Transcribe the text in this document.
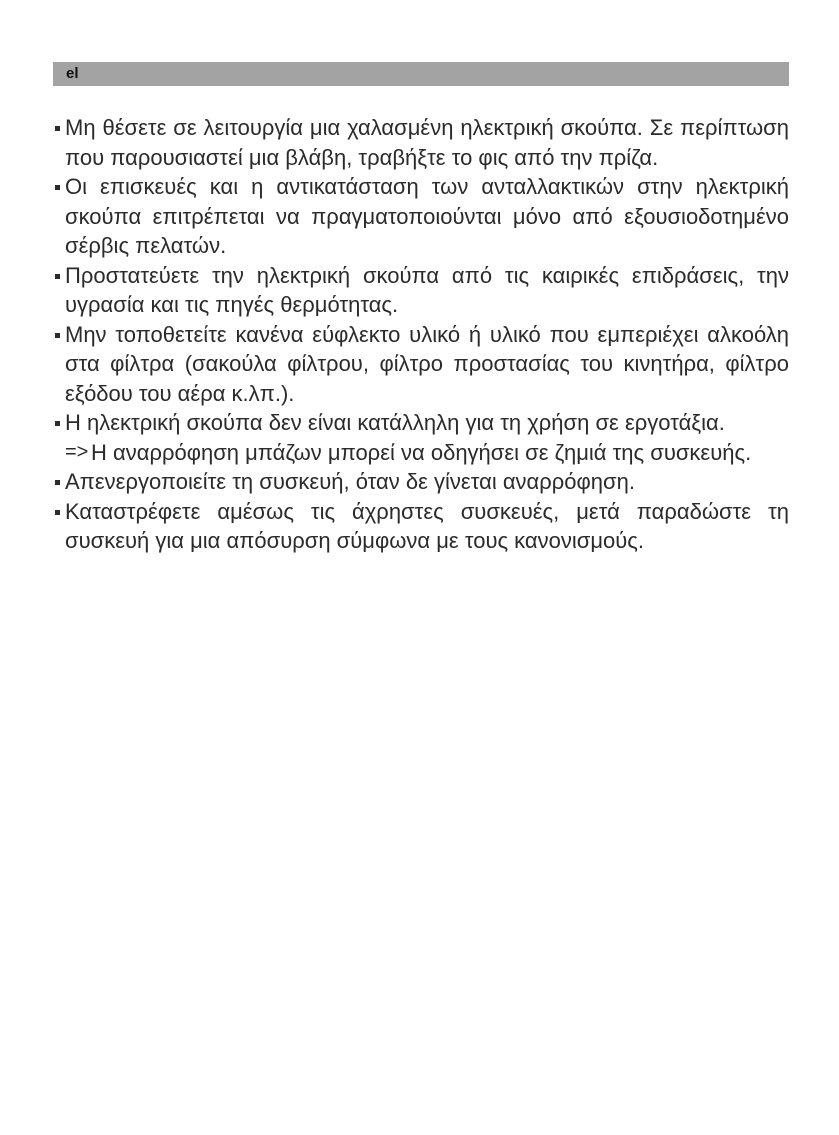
el
Μη θέσετε σε λειτουργία μια χαλασμένη ηλεκτρική σκούπα. Σε περίπτωση που παρουσιαστεί μια βλάβη, τραβήξτε το φις από την πρίζα.
Οι επισκευές και η αντικατάσταση των ανταλλακτικών στην ηλεκτρική σκούπα επιτρέπεται να πραγματοποιούνται μόνο από εξουσιοδοτημένο σέρβις πελατών.
Προστατεύετε την ηλεκτρική σκούπα από τις καιρικές επιδράσεις, την υγρασία και τις πηγές θερμότητας.
Μην τοποθετείτε κανένα εύφλεκτο υλικό ή υλικό που εμπεριέχει αλκοόλη στα φίλτρα (σακούλα φίλτρου, φίλτρο προστασίας του κινητήρα, φίλτρο εξόδου του αέρα κ.λπ.).
Η ηλεκτρική σκούπα δεν είναι κατάλληλη για τη χρήση σε εργοτάξια.
=> Η αναρρόφηση μπάζων μπορεί να οδηγήσει σε ζημιά της συσκευής.
Απενεργοποιείτε τη συσκευή, όταν δε γίνεται αναρρόφηση.
Καταστρέφετε αμέσως τις άχρηστες συσκευές, μετά παραδώστε τη συσκευή για μια απόσυρση σύμφωνα με τους κανονισμούς.
